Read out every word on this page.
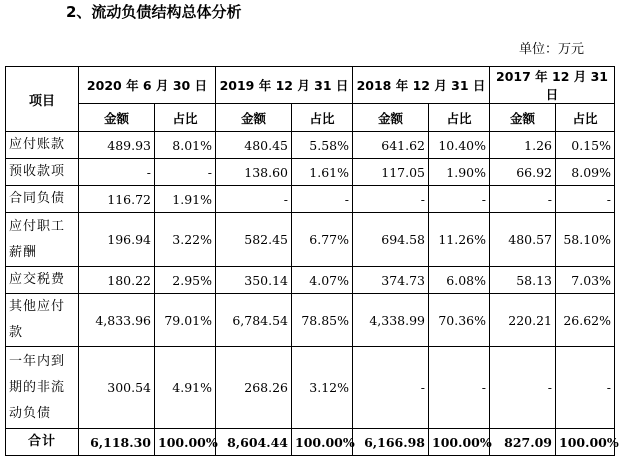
2、流动负债结构总体分析
单位：万元
项目	2020 年 6 月 30 日		2019 年 12 月 31 日		2018 年 12 月 31 日		2017 年 12 月 31 日	
	金额	占比	金额	占比	金额	占比	金额	占比
应付账款	489.93	8.01%	480.45	5.58%	641.62	10.40%	1.26	0.15%
预收款项	-	-	138.60	1.61%	117.05	1.90%	66.92	8.09%
合同负债	116.72	1.91%	-	-	-	-	-	-
应付职工薪酬	196.94	3.22%	582.45	6.77%	694.58	11.26%	480.57	58.10%
应交税费	180.22	2.95%	350.14	4.07%	374.73	6.08%	58.13	7.03%
其他应付款	4,833.96	79.01%	6,784.54	78.85%	4,338.99	70.36%	220.21	26.62%
一年内到期的非流动负债	300.54	4.91%	268.26	3.12%	-	-	-	-
合计	6,118.30	100.00%	8,604.44	100.00%	6,166.98	100.00%	827.09	100.00%
